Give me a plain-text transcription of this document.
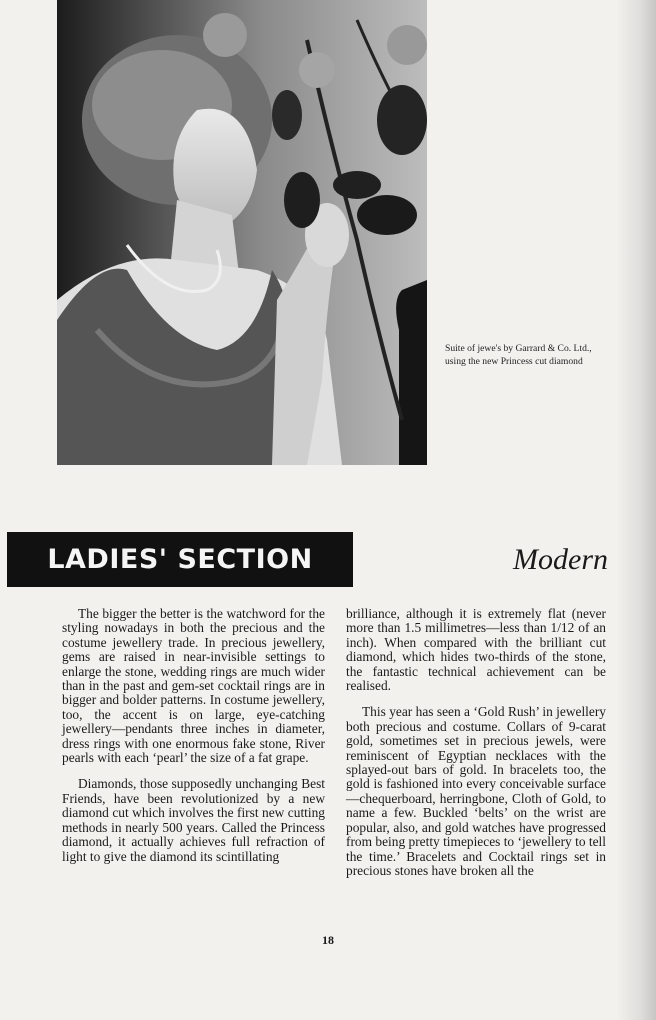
Suite of jewe's by Garrard & Co. Ltd., using the new Princess cut diamond
LADIES' SECTION	Modern

The bigger the better is the watchword for the styling nowadays in both the precious and the costume jewellery trade. In precious jewellery, gems are raised in near-invisible settings to enlarge the stone, wedding rings are much wider than in the past and gem-set cocktail rings are in bigger and bolder patterns. In costume jewellery, too, the accent is on large, eye-catching jewellery—pendants three inches in diameter, dress rings with one enormous fake stone, River pearls with each ‘pearl’ the size of a fat grape.

Diamonds, those supposedly unchanging Best Friends, have been revolutionized by a new diamond cut which involves the first new cutting methods in nearly 500 years. Called the Princess diamond, it actually achieves full refraction of light to give the diamond its scintillating

brilliance, although it is extremely flat (never more than 1.5 millimetres—less than 1/12 of an inch). When compared with the brilliant cut diamond, which hides two-thirds of the stone, the fantastic technical achievement can be realised.

This year has seen a ‘Gold Rush’ in jewellery both precious and costume. Collars of 9-carat gold, sometimes set in precious jewels, were reminiscent of Egyptian necklaces with the splayed-out bars of gold. In bracelets too, the gold is fashioned into every conceivable surface—chequerboard, herringbone, Cloth of Gold, to name a few. Buckled ‘belts’ on the wrist are popular, also, and gold watches have progressed from being pretty timepieces to ‘jewellery to tell the time.’ Bracelets and Cocktail rings set in precious stones have broken all the

18
